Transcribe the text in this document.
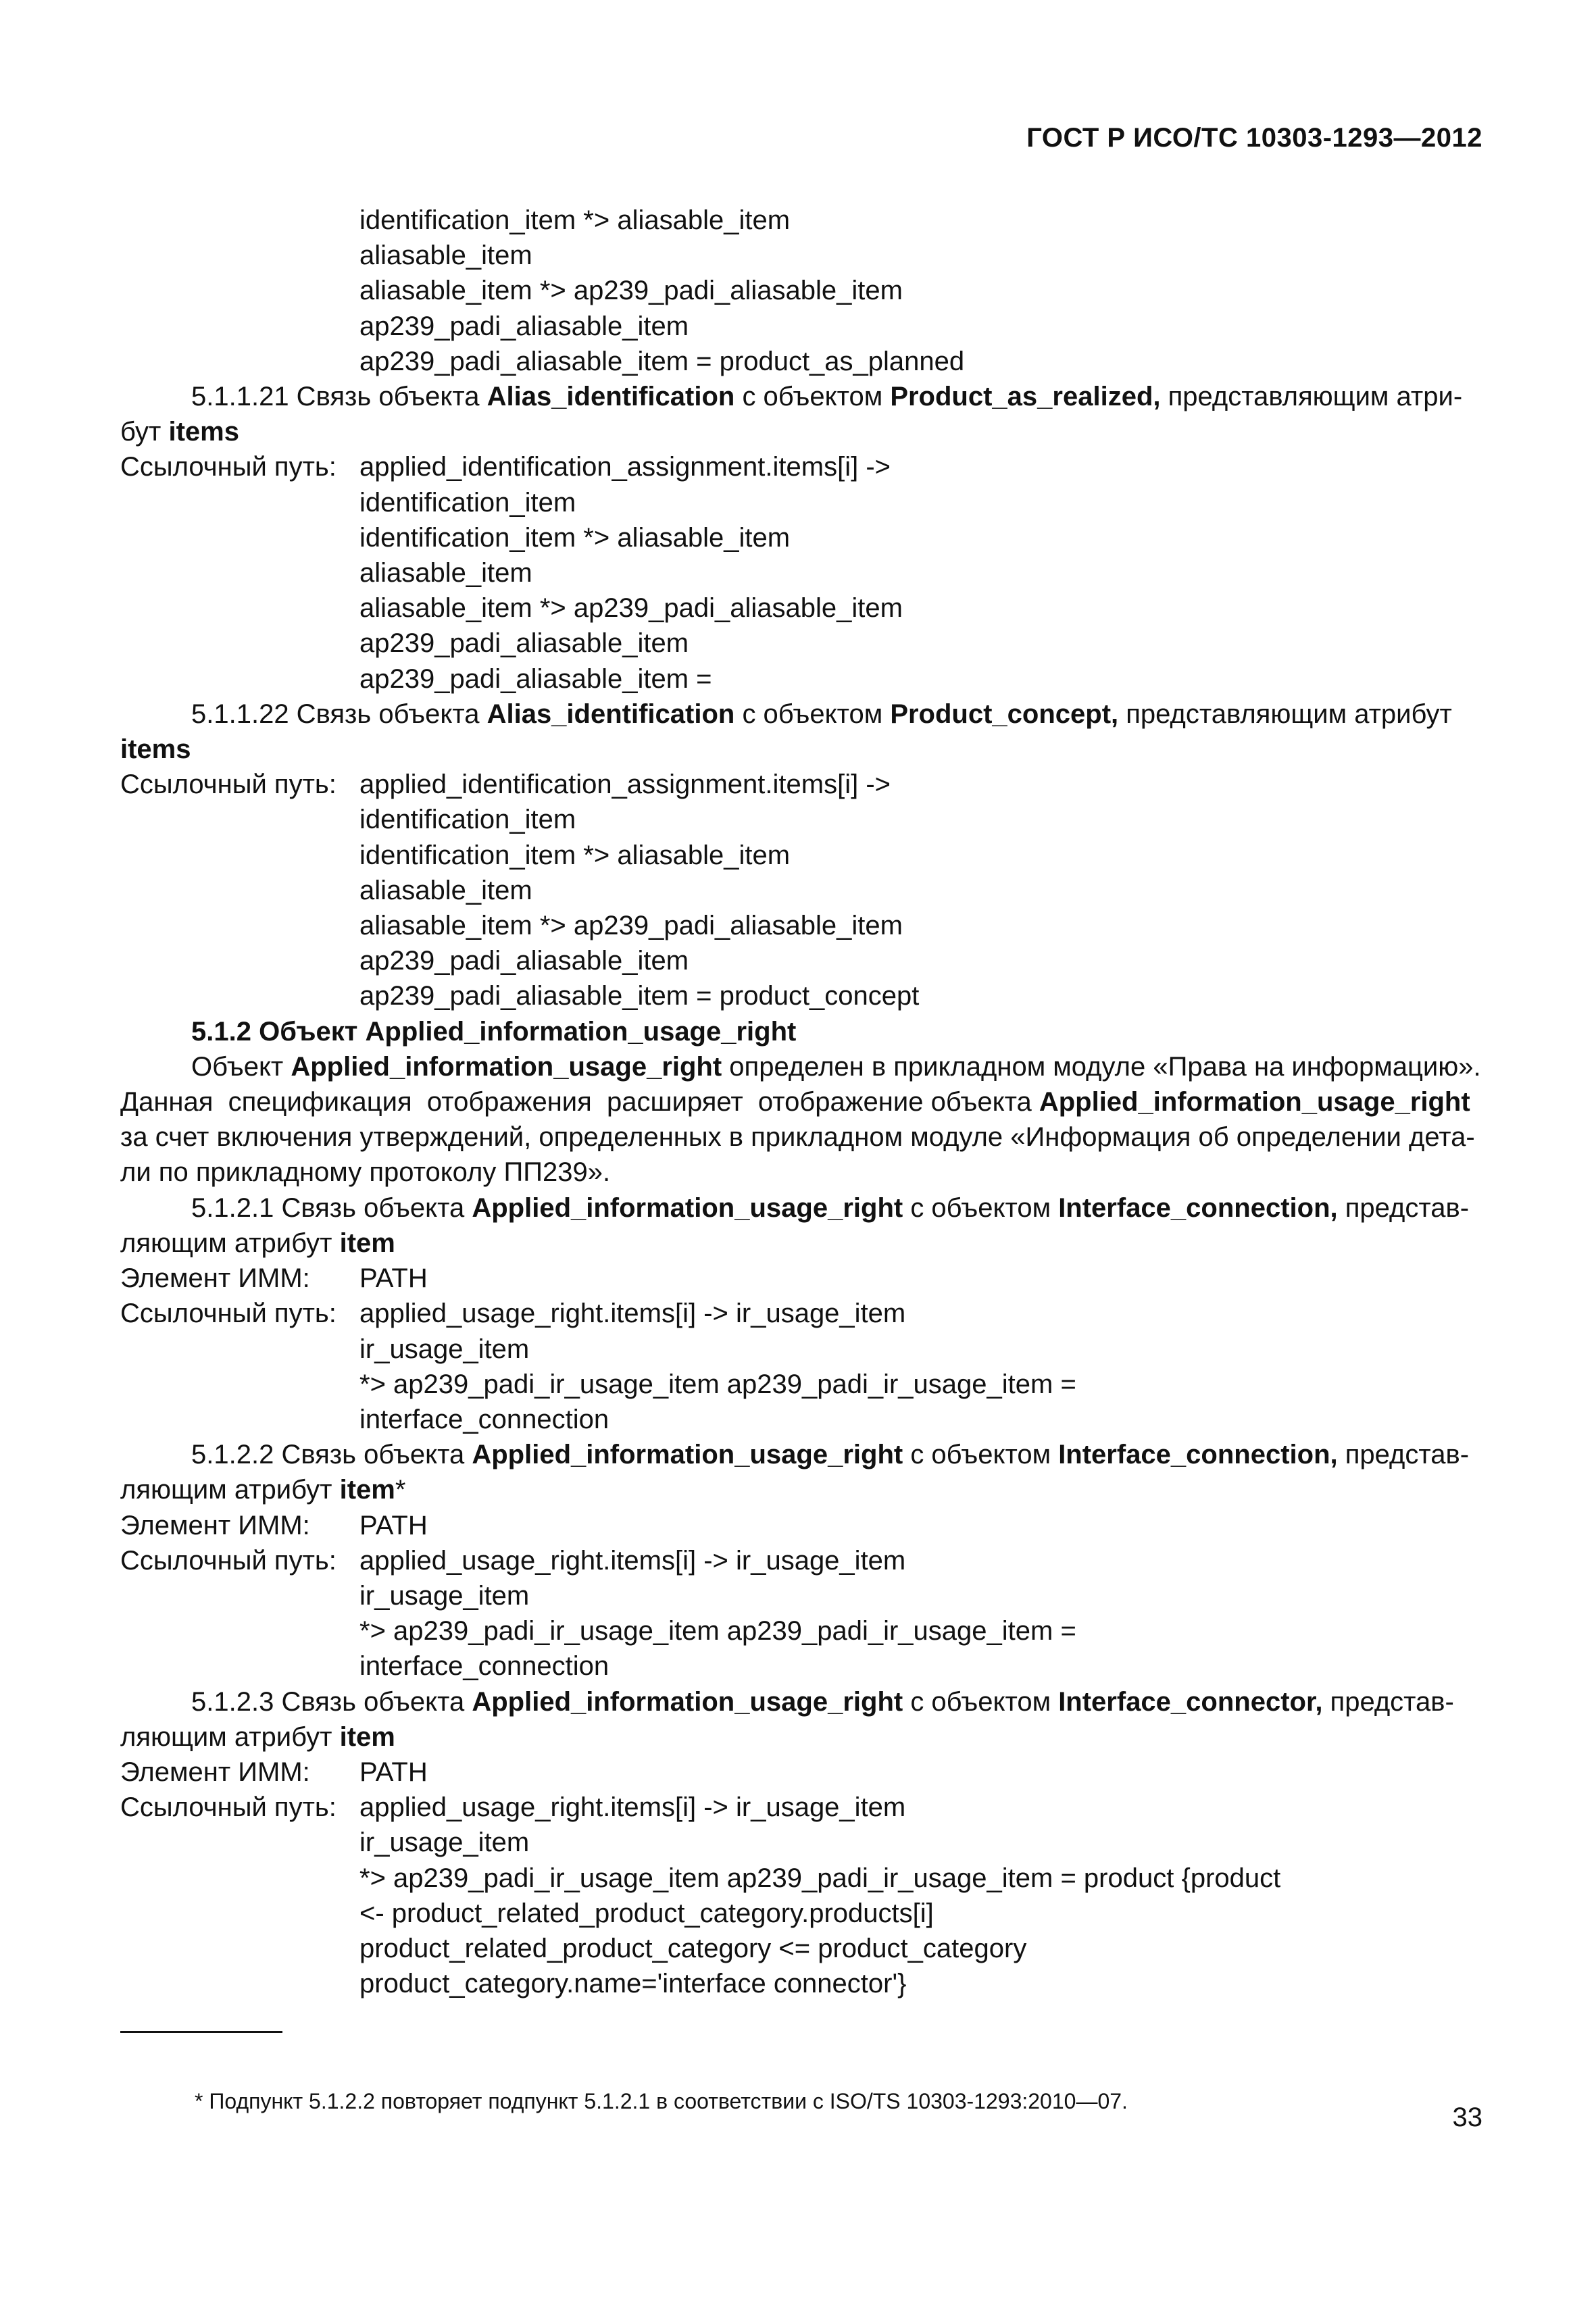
ГОСТ Р ИСО/ТС 10303-1293—2012
identification_item *> aliasable_item
aliasable_item
aliasable_item *> ap239_padi_aliasable_item
ap239_padi_aliasable_item
ap239_padi_aliasable_item = product_as_planned
5.1.1.21 Связь объекта Alias_identification с объектом Product_as_realized, представляющим атри-
бут items
Ссылочный путь: applied_identification_assignment.items[i] ->
identification_item
identification_item *> aliasable_item
aliasable_item
aliasable_item *> ap239_padi_aliasable_item
ap239_padi_aliasable_item
ap239_padi_aliasable_item =
5.1.1.22 Связь объекта Alias_identification с объектом Product_concept, представляющим атрибут
items
Ссылочный путь: applied_identification_assignment.items[i] ->
identification_item
identification_item *> aliasable_item
aliasable_item
aliasable_item *> ap239_padi_aliasable_item
ap239_padi_aliasable_item
ap239_padi_aliasable_item = product_concept
5.1.2 Объект Applied_information_usage_right
Объект Applied_information_usage_right определен в прикладном модуле «Права на информацию».
Данная  спецификация  отображения  расширяет  отображение объекта Applied_information_usage_right
за счет включения утверждений, определенных в прикладном модуле «Информация об определении дета-
ли по прикладному протоколу ПП239».
5.1.2.1 Связь объекта Applied_information_usage_right с объектом Interface_connection, представ-
ляющим атрибут item
Элемент ИММ: PATH
Ссылочный путь: applied_usage_right.items[i] -> ir_usage_item
ir_usage_item
*> ap239_padi_ir_usage_item ap239_padi_ir_usage_item =
interface_connection
5.1.2.2 Связь объекта Applied_information_usage_right с объектом Interface_connection, представ-
ляющим атрибут item*
Элемент ИММ: PATH
Ссылочный путь: applied_usage_right.items[i] -> ir_usage_item
ir_usage_item
*> ap239_padi_ir_usage_item ap239_padi_ir_usage_item =
interface_connection
5.1.2.3 Связь объекта Applied_information_usage_right с объектом Interface_connector, представ-
ляющим атрибут item
Элемент ИММ: PATH
Ссылочный путь: applied_usage_right.items[i] -> ir_usage_item
ir_usage_item
*> ap239_padi_ir_usage_item ap239_padi_ir_usage_item = product {product
<- product_related_product_category.products[i]
product_related_product_category <= product_category
product_category.name='interface connector'}
* Подпункт 5.1.2.2 повторяет подпункт 5.1.2.1 в соответствии с ISO/TS 10303-1293:2010—07.
33
